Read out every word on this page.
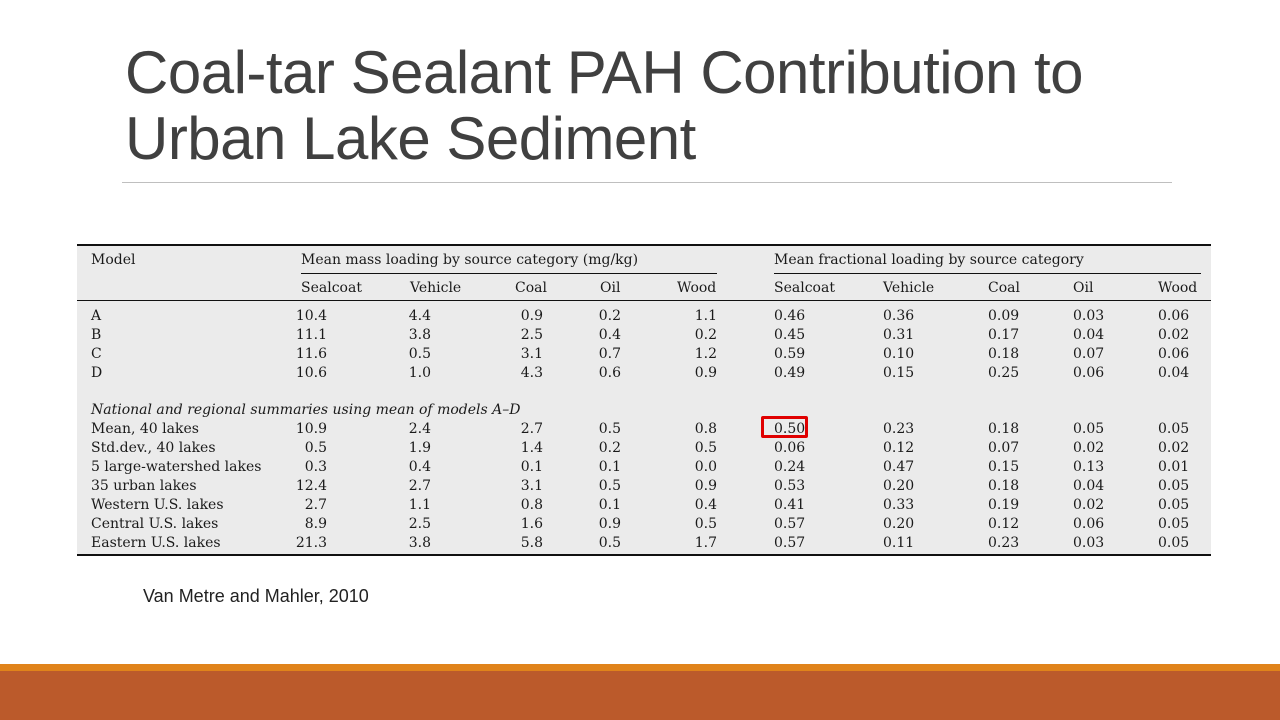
Coal-tar Sealant PAH Contribution to
Urban Lake Sediment
Model	Mean mass loading by source category (mg/kg)	Mean fractional loading by source category
National and regional summaries using mean of models A–D
Sealcoat	Vehicle	Coal	Oil	Wood	Sealcoat	Vehicle	Coal	Oil	Wood
A	10.4	4.4	0.9	0.2	1.1	0.46	0.36	0.09	0.03	0.06
B	11.1	3.8	2.5	0.4	0.2	0.45	0.31	0.17	0.04	0.02
C	11.6	0.5	3.1	0.7	1.2	0.59	0.10	0.18	0.07	0.06
D	10.6	1.0	4.3	0.6	0.9	0.49	0.15	0.25	0.06	0.04
Mean, 40 lakes	10.9	2.4	2.7	0.5	0.8	0.50	0.23	0.18	0.05	0.05
Std.dev., 40 lakes	0.5	1.9	1.4	0.2	0.5	0.06	0.12	0.07	0.02	0.02
5 large-watershed lakes	0.3	0.4	0.1	0.1	0.0	0.24	0.47	0.15	0.13	0.01
35 urban lakes	12.4	2.7	3.1	0.5	0.9	0.53	0.20	0.18	0.04	0.05
Western U.S. lakes	2.7	1.1	0.8	0.1	0.4	0.41	0.33	0.19	0.02	0.05
Central U.S. lakes	8.9	2.5	1.6	0.9	0.5	0.57	0.20	0.12	0.06	0.05
Eastern U.S. lakes	21.3	3.8	5.8	0.5	1.7	0.57	0.11	0.23	0.03	0.05
Van Metre and Mahler, 2010
